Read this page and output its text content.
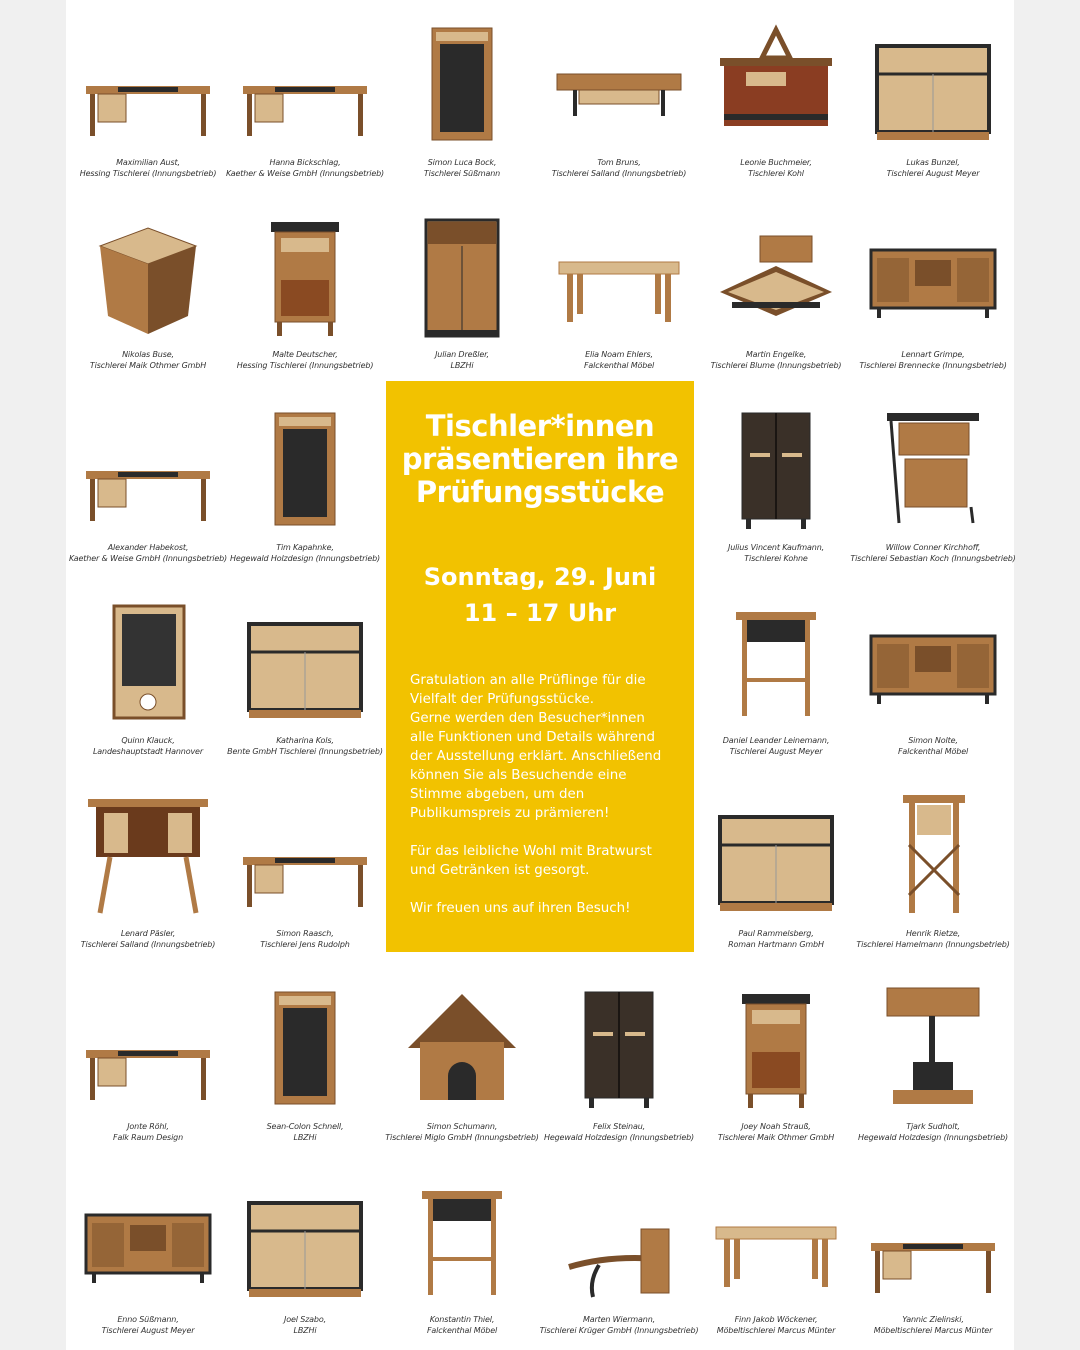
Maximilian Aust,
Hessing Tischlerei (Innungsbetrieb)
Hanna Bickschlag,
Kaether & Weise GmbH (Innungsbetrieb)
Simon Luca Bock,
Tischlerei Süßmann
Tom Bruns,
Tischlerei Salland (Innungsbetrieb)
Leonie Buchmeier,
Tischlerei Kohl
Lukas Bunzel,
Tischlerei August Meyer
Nikolas Buse,
Tischlerei Maik Othmer GmbH
Malte Deutscher,
Hessing Tischlerei (Innungsbetrieb)
Julian Dreßler,
LBZHi
Elia Noam Ehlers,
Falckenthal Möbel
Martin Engelke,
Tischlerei Blume (Innungsbetrieb)
Lennart Grimpe,
Tischlerei Brennecke (Innungsbetrieb)
Alexander Habekost,
Kaether & Weise GmbH (Innungsbetrieb)
Tim Kapahnke,
Hegewald Holzdesign (Innungsbetrieb)
Julius Vincent Kaufmann,
Tischlerei Kohne
Willow Conner Kirchhoff,
Tischlerei Sebastian Koch (Innungsbetrieb)
Quinn Klauck,
Landeshauptstadt Hannover
Katharina Kols,
Bente GmbH Tischlerei (Innungsbetrieb)
Daniel Leander Leinemann,
Tischlerei August Meyer
Simon Nolte,
Falckenthal Möbel
Lenard Päsler,
Tischlerei Salland (Innungsbetrieb)
Simon Raasch,
Tischlerei Jens Rudolph
Paul Rammelsberg,
Roman Hartmann GmbH
Henrik Rietze,
Tischlerei Hamelmann (Innungsbetrieb)
Jonte Röhl,
Falk Raum Design
Sean-Colon Schnell,
LBZHi
Simon Schumann,
Tischlerei Miglo GmbH (Innungsbetrieb)
Felix Steinau,
Hegewald Holzdesign (Innungsbetrieb)
Joey Noah Strauß,
Tischlerei Maik Othmer GmbH
Tjark Sudholt,
Hegewald Holzdesign (Innungsbetrieb)
Enno Süßmann,
Tischlerei August Meyer
Joel Szabo,
LBZHi
Konstantin Thiel,
Falckenthal Möbel
Marten Wiermann,
Tischlerei Krüger GmbH (Innungsbetrieb)
Finn Jakob Wöckener,
Möbeltischlerei Marcus Münter
Yannic Zielinski,
Möbeltischlerei Marcus Münter
Tischler*innen
präsentieren ihre
Prüfungsstücke
Sonntag, 29. Juni
11 – 17 Uhr

Gratulation an alle Prüflinge für die
Vielfalt der Prüfungsstücke.
Gerne werden den Besucher*innen
alle Funktionen und Details während
der Ausstellung erklärt. Anschließend
können Sie als Besuchende eine
Stimme abgeben, um den
Publikumspreis zu prämieren!

Für das leibliche Wohl mit Bratwurst
und Getränken ist gesorgt.

Wir freuen uns auf ihren Besuch!
